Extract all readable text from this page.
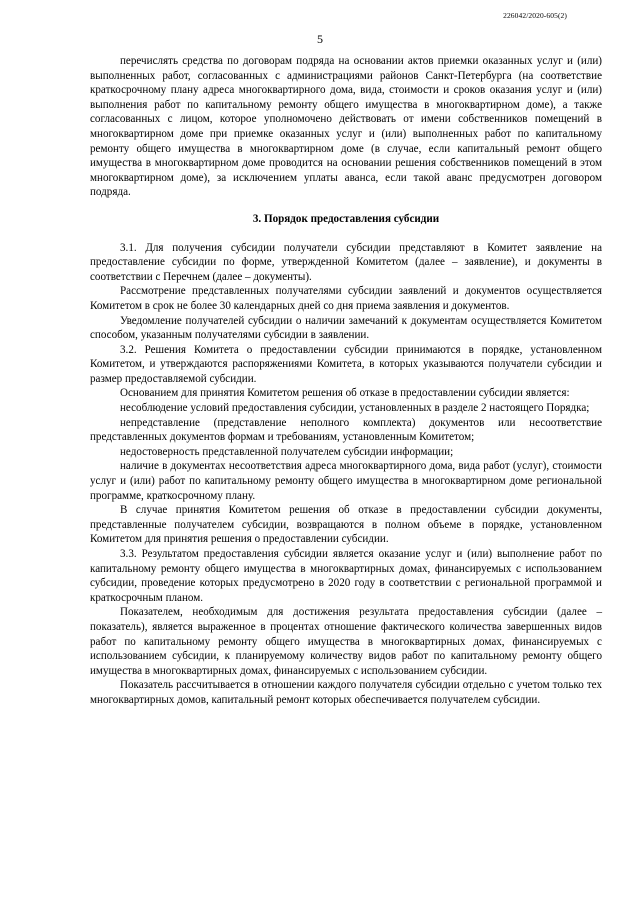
226042/2020-605(2)
5

перечислять средства по договорам подряда на основании актов приемки оказанных услуг и (или) выполненных работ, согласованных с администрациями районов Санкт-Петербурга (на соответствие краткосрочному плану адреса многоквартирного дома, вида, стоимости и сроков оказания услуг и (или) выполнения работ по капитальному ремонту общего имущества в многоквартирном доме), а также согласованных с лицом, которое уполномочено действовать от имени собственников помещений в многоквартирном доме при приемке оказанных услуг и (или) выполненных работ по капитальному ремонту общего имущества в многоквартирном доме (в случае, если капитальный ремонт общего имущества в многоквартирном доме проводится на основании решения собственников помещений в этом многоквартирном доме), за исключением уплаты аванса, если такой аванс предусмотрен договором подряда.

3. Порядок предоставления субсидии

3.1. Для получения субсидии получатели субсидии представляют в Комитет заявление на предоставление субсидии по форме, утвержденной Комитетом (далее – заявление), и документы в соответствии с Перечнем (далее – документы).

Рассмотрение представленных получателями субсидии заявлений и документов осуществляется Комитетом в срок не более 30 календарных дней со дня приема заявления и документов.

Уведомление получателей субсидии о наличии замечаний к документам осуществляется Комитетом способом, указанным получателями субсидии в заявлении.

3.2. Решения Комитета о предоставлении субсидии принимаются в порядке, установленном Комитетом, и утверждаются распоряжениями Комитета, в которых указываются получатели субсидии и размер предоставляемой субсидии.

Основанием для принятия Комитетом решения об отказе в предоставлении субсидии является:

несоблюдение условий предоставления субсидии, установленных в разделе 2 настоящего Порядка;

непредставление (представление неполного комплекта) документов или несоответствие представленных документов формам и требованиям, установленным Комитетом;

недостоверность представленной получателем субсидии информации;

наличие в документах несоответствия адреса многоквартирного дома, вида работ (услуг), стоимости услуг и (или) работ по капитальному ремонту общего имущества в многоквартирном доме региональной программе, краткосрочному плану.

В случае принятия Комитетом решения об отказе в предоставлении субсидии документы, представленные получателем субсидии, возвращаются в полном объеме в порядке, установленном Комитетом для принятия решения о предоставлении субсидии.

3.3. Результатом предоставления субсидии является оказание услуг и (или) выполнение работ по капитальному ремонту общего имущества в многоквартирных домах, финансируемых с использованием субсидии, проведение которых предусмотрено в 2020 году в соответствии с региональной программой и краткосрочным планом.

Показателем, необходимым для достижения результата предоставления субсидии (далее – показатель), является выраженное в процентах отношение фактического количества завершенных видов работ по капитальному ремонту общего имущества в многоквартирных домах, финансируемых с использованием субсидии, к планируемому количеству видов работ по капитальному ремонту общего имущества в многоквартирных домах, финансируемых с использованием субсидии.

Показатель рассчитывается в отношении каждого получателя субсидии отдельно с учетом только тех многоквартирных домов, капитальный ремонт которых обеспечивается получателем субсидии.
